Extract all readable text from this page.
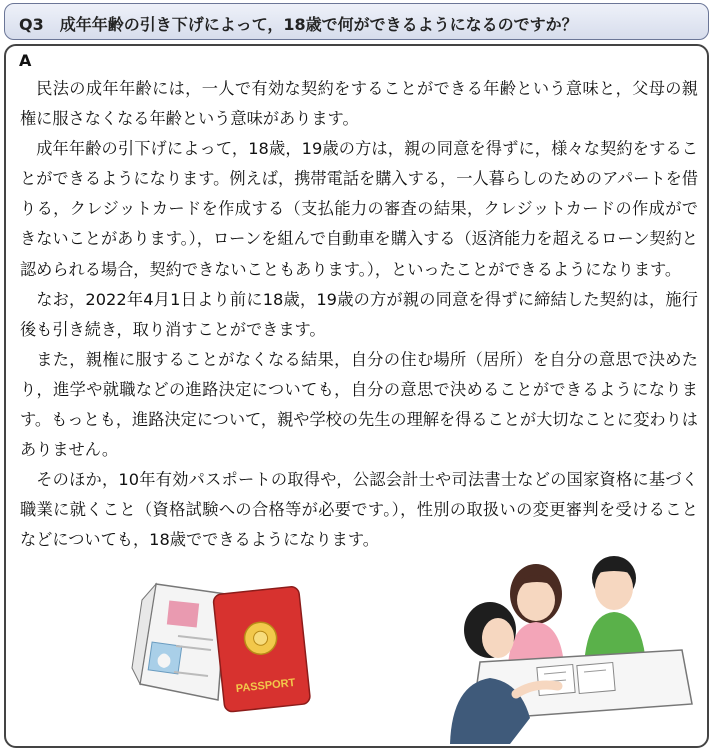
Q3　成年年齢の引き下げによって，18歳で何ができるようになるのですか？
A

民法の成年年齢には，一人で有効な契約をすることができる年齢という意味と，父母の親権に服さなくなる年齢という意味があります。

成年年齢の引下げによって，18歳，19歳の方は，親の同意を得ずに，様々な契約をすることができるようになります。例えば，携帯電話を購入する，一人暮らしのためのアパートを借りる，クレジットカードを作成する（支払能力の審査の結果，クレジットカードの作成ができないことがあります。），ローンを組んで自動車を購入する（返済能力を超えるローン契約と認められる場合，契約できないこともあります。），といったことができるようになります。

なお，2022年4月1日より前に18歳，19歳の方が親の同意を得ずに締結した契約は，施行後も引き続き，取り消すことができます。

また，親権に服することがなくなる結果，自分の住む場所（居所）を自分の意思で決めたり，進学や就職などの進路決定についても，自分の意思で決めることができるようになります。もっとも，進路決定について，親や学校の先生の理解を得ることが大切なことに変わりはありません。

そのほか，10年有効パスポートの取得や，公認会計士や司法書士などの国家資格に基づく職業に就くこと（資格試験への合格等が必要です。），性別の取扱いの変更審判を受けることなどについても，18歳でできるようになります。

PASSPORT
